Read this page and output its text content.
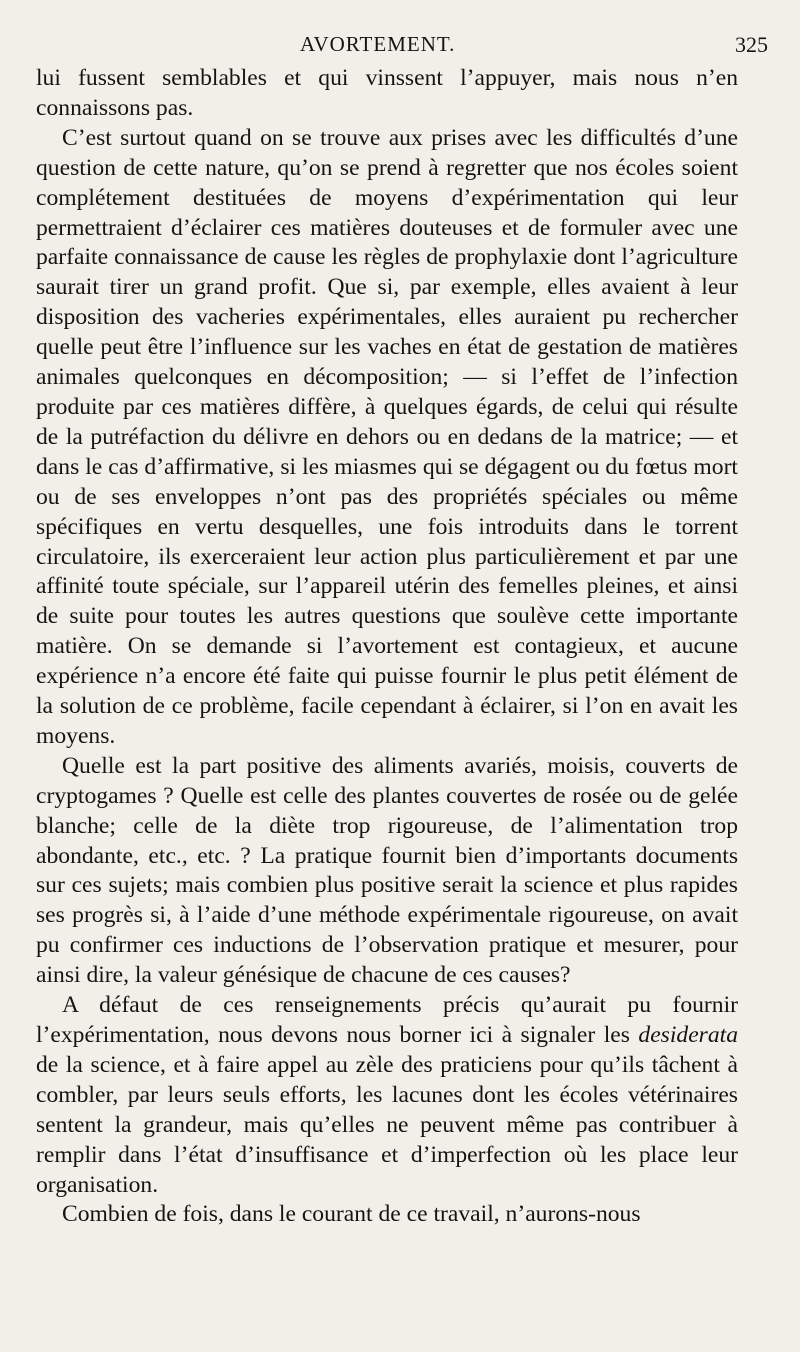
AVORTEMENT.	325

lui fussent semblables et qui vinssent l’appuyer, mais nous n’en connaissons pas.

C’est surtout quand on se trouve aux prises avec les difficultés d’une question de cette nature, qu’on se prend à regretter que nos écoles soient complétement destituées de moyens d’expérimentation qui leur permettraient d’éclairer ces matières douteuses et de formuler avec une parfaite connaissance de cause les règles de prophylaxie dont l’agriculture saurait tirer un grand profit. Que si, par exemple, elles avaient à leur disposition des vacheries expérimentales, elles auraient pu rechercher quelle peut être l’influence sur les vaches en état de gestation de matières animales quelconques en décomposition; — si l’effet de l’infection produite par ces matières diffère, à quelques égards, de celui qui résulte de la putréfaction du délivre en dehors ou en dedans de la matrice; — et dans le cas d’affirmative, si les miasmes qui se dégagent ou du fœtus mort ou de ses enveloppes n’ont pas des propriétés spéciales ou même spécifiques en vertu desquelles, une fois introduits dans le torrent circulatoire, ils exerceraient leur action plus particulièrement et par une affinité toute spéciale, sur l’appareil utérin des femelles pleines, et ainsi de suite pour toutes les autres questions que soulève cette importante matière. On se demande si l’avortement est contagieux, et aucune expérience n’a encore été faite qui puisse fournir le plus petit élément de la solution de ce problème, facile cependant à éclairer, si l’on en avait les moyens.

Quelle est la part positive des aliments avariés, moisis, couverts de cryptogames ? Quelle est celle des plantes couvertes de rosée ou de gelée blanche; celle de la diète trop rigoureuse, de l’alimentation trop abondante, etc., etc. ? La pratique fournit bien d’importants documents sur ces sujets; mais combien plus positive serait la science et plus rapides ses progrès si, à l’aide d’une méthode expérimentale rigoureuse, on avait pu confirmer ces inductions de l’observation pratique et mesurer, pour ainsi dire, la valeur génésique de chacune de ces causes?

A défaut de ces renseignements précis qu’aurait pu fournir l’expérimentation, nous devons nous borner ici à signaler les desiderata de la science, et à faire appel au zèle des praticiens pour qu’ils tâchent à combler, par leurs seuls efforts, les lacunes dont les écoles vétérinaires sentent la grandeur, mais qu’elles ne peuvent même pas contribuer à remplir dans l’état d’insuffisance et d’imperfection où les place leur organisation.

Combien de fois, dans le courant de ce travail, n’aurons-nous
